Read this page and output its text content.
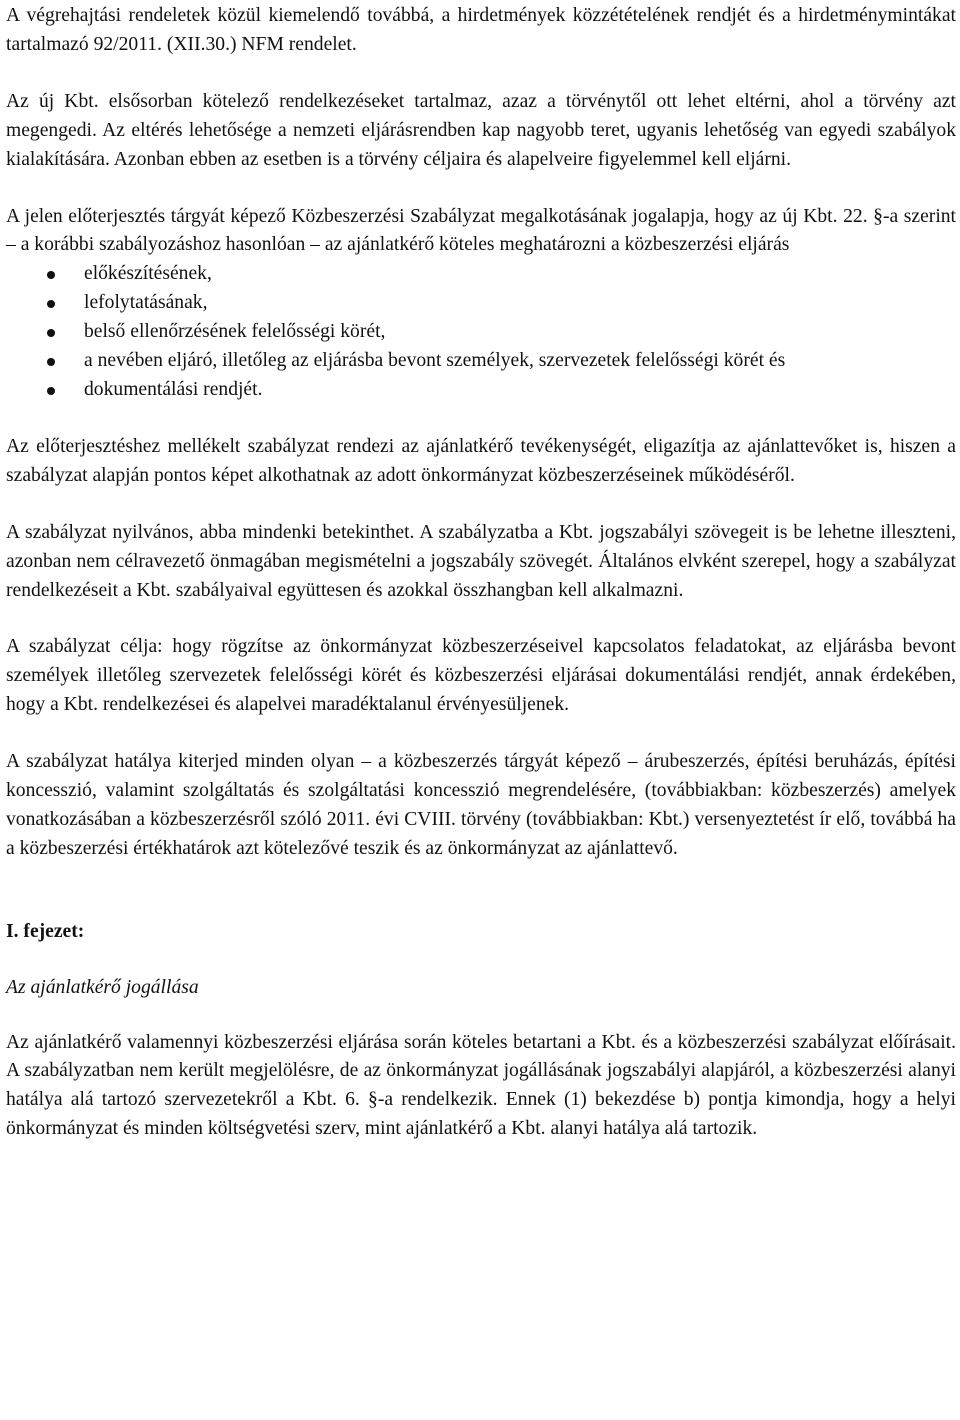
A végrehajtási rendeletek közül kiemelendő továbbá, a hirdetmények közzétételének rendjét és a hirdetménymintákat tartalmazó 92/2011. (XII.30.) NFM rendelet.

Az új Kbt. elsősorban kötelező rendelkezéseket tartalmaz, azaz a törvénytől ott lehet eltérni, ahol a törvény azt megengedi. Az eltérés lehetősége a nemzeti eljárásrendben kap nagyobb teret, ugyanis lehetőség van egyedi szabályok kialakítására. Azonban ebben az esetben is a törvény céljaira és alapelveire figyelemmel kell eljárni.

A jelen előterjesztés tárgyát képező Közbeszerzési Szabályzat megalkotásának jogalapja, hogy az új Kbt. 22. §-a szerint – a korábbi szabályozáshoz hasonlóan – az ajánlatkérő köteles meghatározni a közbeszerzési eljárás

előkészítésének,
lefolytatásának,
belső ellenőrzésének felelősségi körét,
a nevében eljáró, illetőleg az eljárásba bevont személyek, szervezetek felelősségi körét és
dokumentálási rendjét.

Az előterjesztéshez mellékelt szabályzat rendezi az ajánlatkérő tevékenységét, eligazítja az ajánlattevőket is, hiszen a szabályzat alapján pontos képet alkothatnak az adott önkormányzat közbeszerzéseinek működéséről.

A szabályzat nyilvános, abba mindenki betekinthet. A szabályzatba a Kbt. jogszabályi szövegeit is be lehetne illeszteni, azonban nem célravezető önmagában megismételni a jogszabály szövegét. Általános elvként szerepel, hogy a szabályzat rendelkezéseit a Kbt. szabályaival együttesen és azokkal összhangban kell alkalmazni.

A szabályzat célja: hogy rögzítse az önkormányzat közbeszerzéseivel kapcsolatos feladatokat, az eljárásba bevont személyek illetőleg szervezetek felelősségi körét és közbeszerzési eljárásai dokumentálási rendjét, annak érdekében, hogy a Kbt. rendelkezései és alapelvei maradéktalanul érvényesüljenek.

A szabályzat hatálya kiterjed minden olyan – a közbeszerzés tárgyát képező – árubeszerzés, építési beruházás, építési koncesszió, valamint szolgáltatás és szolgáltatási koncesszió megrendelésére, (továbbiakban: közbeszerzés) amelyek vonatkozásában a közbeszerzésről szóló 2011. évi CVIII. törvény (továbbiakban: Kbt.) versenyeztetést ír elő, továbbá ha a közbeszerzési értékhatárok azt kötelezővé teszik és az önkormányzat az ajánlattevő.

I. fejezet:
Az ajánlatkérő jogállása

Az ajánlatkérő valamennyi közbeszerzési eljárása során köteles betartani a Kbt. és a közbeszerzési szabályzat előírásait. A szabályzatban nem került megjelölésre, de az önkormányzat jogállásának jogszabályi alapjáról, a közbeszerzési alanyi hatálya alá tartozó szervezetekről a Kbt. 6. §-a rendelkezik. Ennek (1) bekezdése b) pontja kimondja, hogy a helyi önkormányzat és minden költségvetési szerv, mint ajánlatkérő a Kbt. alanyi hatálya alá tartozik.
